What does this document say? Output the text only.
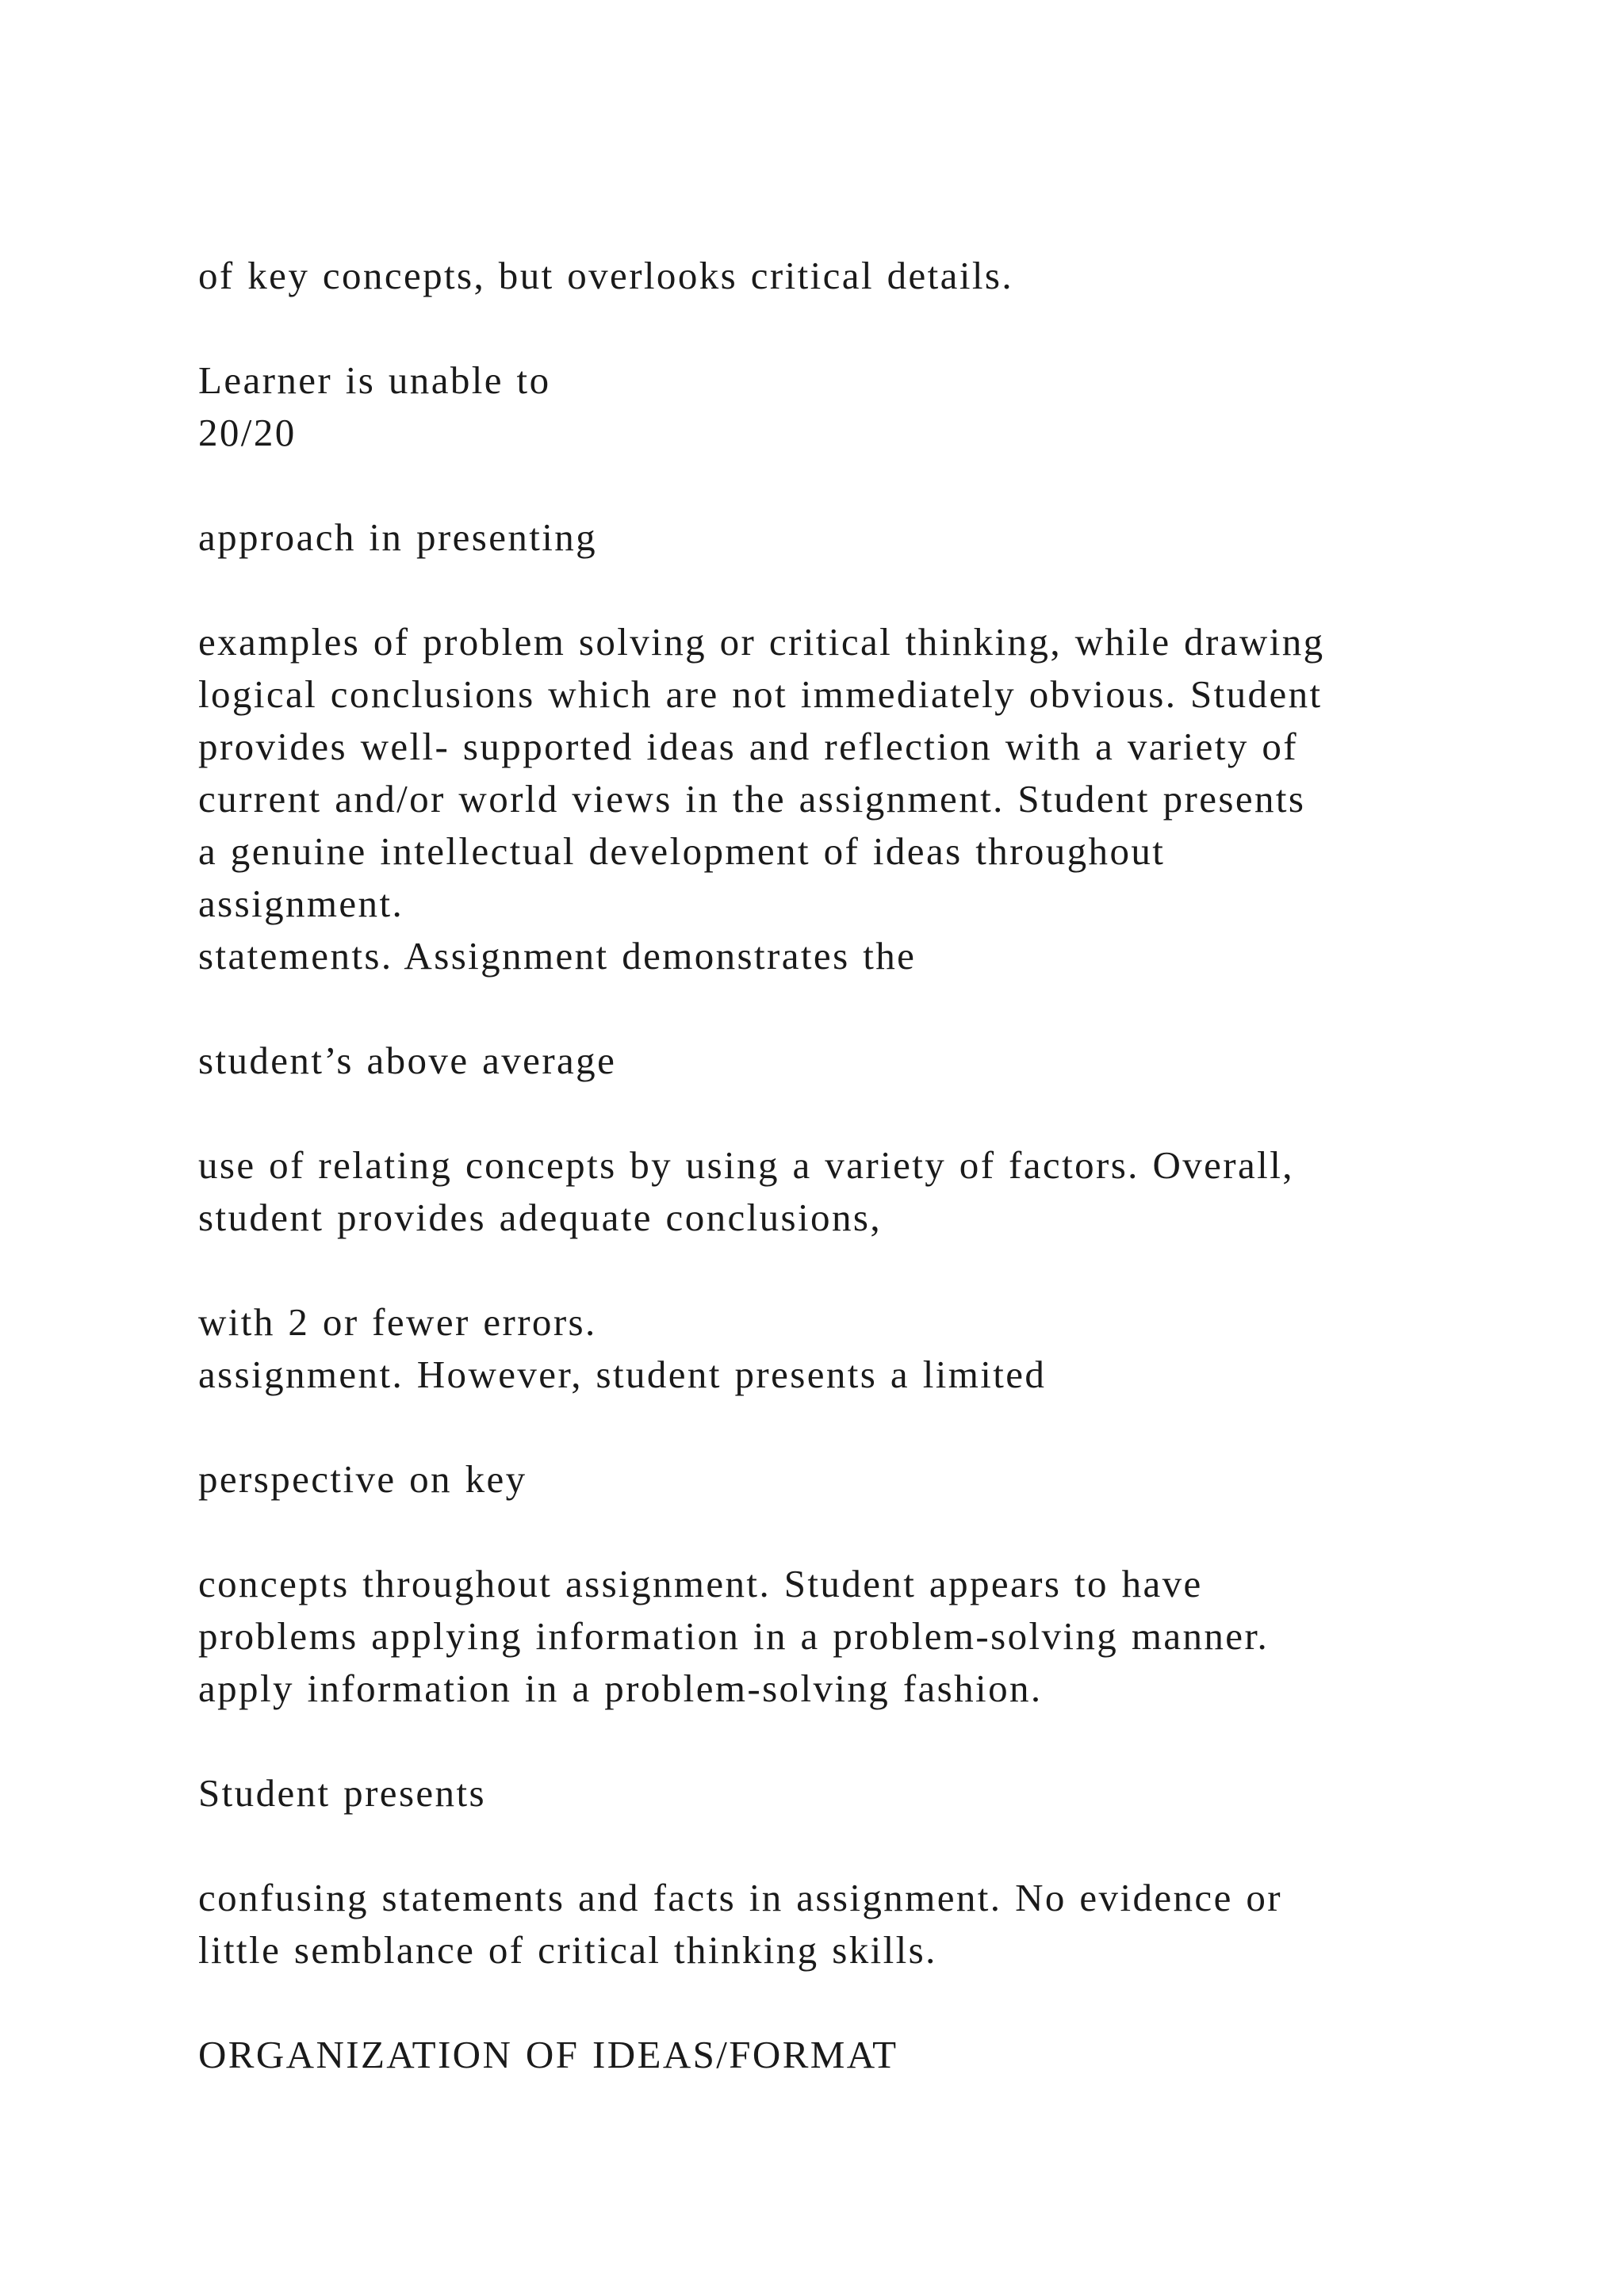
of key concepts, but overlooks critical details.

Learner is unable to

20/20

approach in presenting

examples of problem solving or critical thinking, while drawing

logical conclusions which are not immediately obvious. Student

provides well- supported ideas and reflection with a variety of

current and/or world views in the assignment. Student presents

a genuine intellectual development of ideas throughout

assignment.

statements. Assignment demonstrates the

student’s above average

use of relating concepts by using a variety of factors. Overall,

student provides adequate conclusions,

with 2 or fewer errors.

assignment. However, student presents a limited

perspective on key

concepts throughout assignment. Student appears to have

problems applying information in a problem-solving manner.

apply information in a problem-solving fashion.

Student presents

confusing statements and facts in assignment. No evidence or

little semblance of critical thinking skills.

ORGANIZATION OF IDEAS/FORMAT
